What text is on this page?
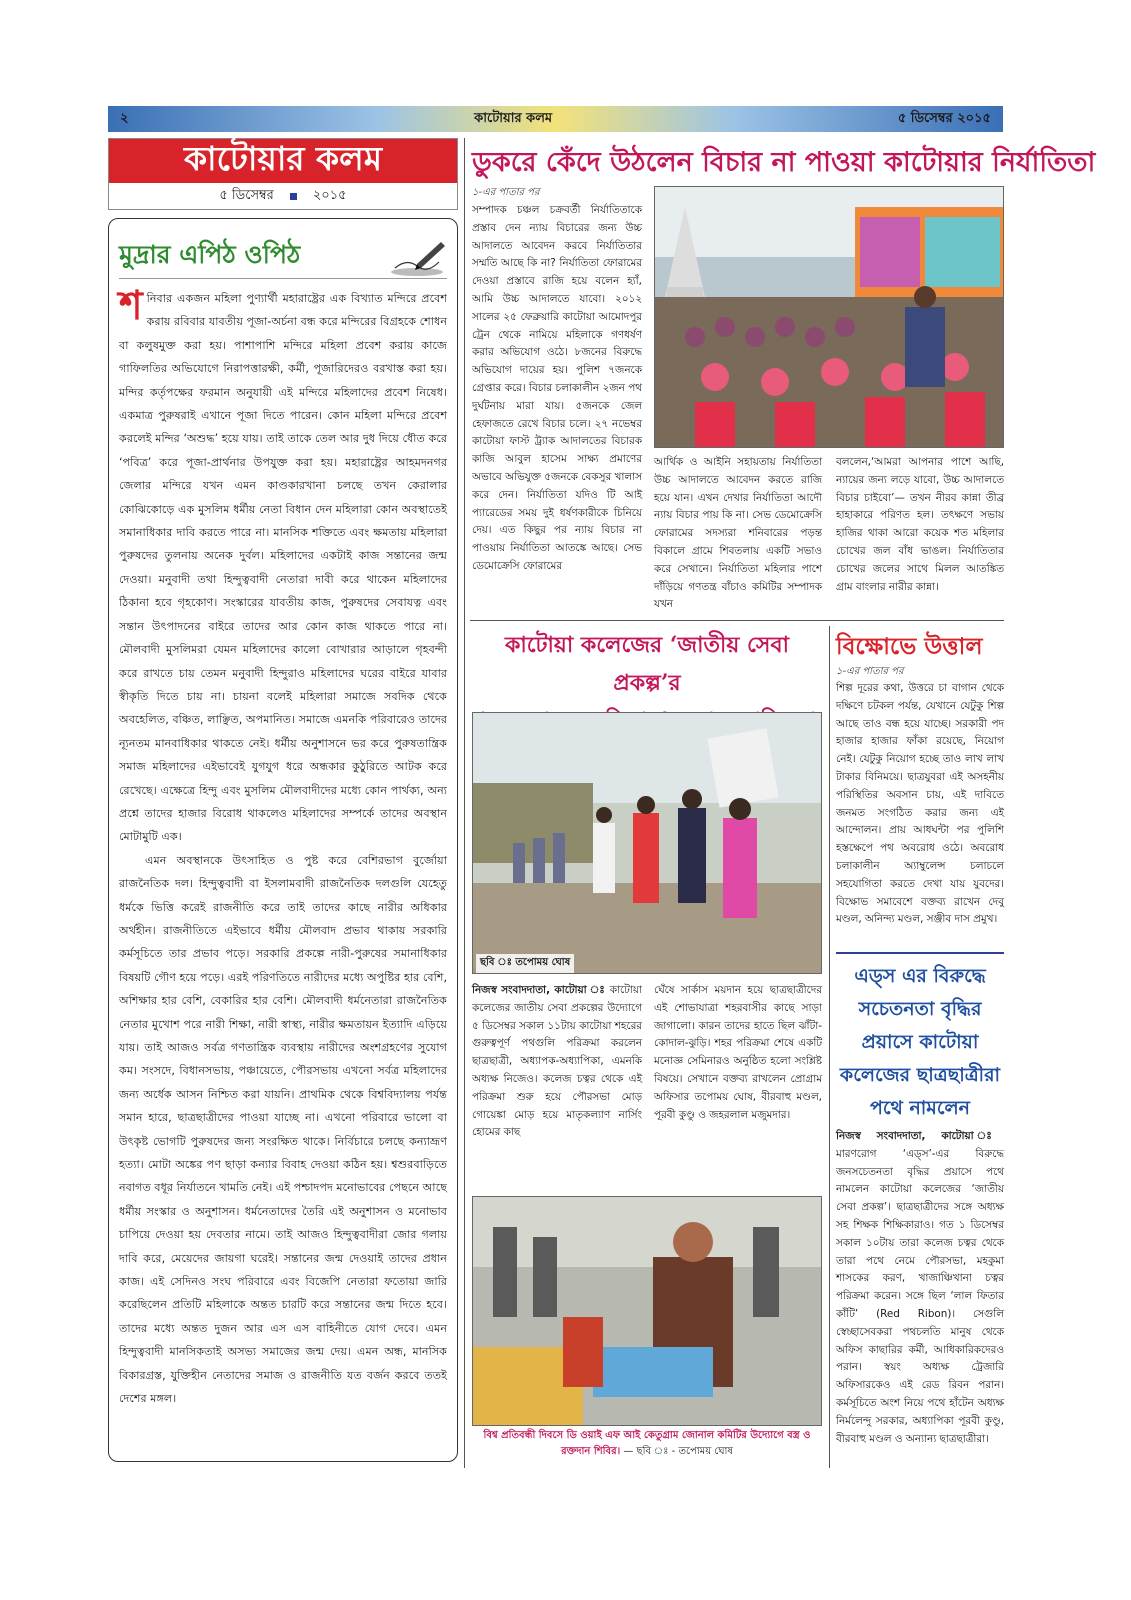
২	কাটোয়ার কলম	৫ ডিসেম্বর ২০১৫
কাটোয়ার কলম
৫ ডিসেম্বর	২০১৫
মুদ্রার এপিঠ ওপিঠ

শনিবার একজন মহিলা পুণ্যার্থী মহারাষ্ট্রের এক বিখ্যাত মন্দিরে প্রবেশ করায় রবিবার যাবতীয় পূজা-অর্চনা বন্ধ করে মন্দিরের বিগ্রহকে শোধন বা কলুষমুক্ত করা হয়। পাশাপাশি মন্দিরে মহিলা প্রবেশ করায় কাজে গাফিলতির অভিযোগে নিরাপত্তারক্ষী, কর্মী, পূজারিদেরও বরখাস্ত করা হয়। মন্দির কর্তৃপক্ষের ফরমান অনুযায়ী এই মন্দিরে মহিলাদের প্রবেশ নিষেধ। একমাত্র পুরুষরাই এখানে পূজা দিতে পারেন। কোন মহিলা মন্দিরে প্রবেশ করলেই মন্দির ‘অশুদ্ধ’ হয়ে যায়। তাই তাকে তেল আর দুধ দিয়ে ধৌত করে ‘পবিত্র’ করে পূজা-প্রার্থনার উপযুক্ত করা হয়। মহারাষ্ট্রের আহমদনগর জেলার মন্দিরে যখন এমন কাণ্ডকারখানা চলছে তখন কেরালার কোঝিকোড়ে এক মুসলিম ধর্মীয় নেতা বিধান দেন মহিলারা কোন অবস্থাতেই সমানাধিকার দাবি করতে পারে না। মানসিক শক্তিতে এবং ক্ষমতায় মহিলারা পুরুষদের তুলনায় অনেক দুর্বল। মহিলাদের একটাই কাজ সন্তানের জন্ম দেওয়া। মনুবাদী তথা হিন্দুত্ববাদী নেতারা দাবী করে থাকেন মহিলাদের ঠিকানা হবে গৃহকোণ। সংস্কারের যাবতীয় কাজ, পুরুষদের সেবাযত্ন এবং সন্তান উৎপাদনের বাইরে তাদের আর কোন কাজ থাকতে পারে না। মৌলবাদী মুসলিমরা যেমন মহিলাদের কালো বোখারার আড়ালে গৃহবন্দী করে রাখতে চায় তেমন মনুবাদী হিন্দুরাও মহিলাদের ঘরের বাইরে যাবার স্বীকৃতি দিতে চায় না। চায়না বলেই মহিলারা সমাজে সবদিক থেকে অবহেলিত, বঞ্চিত, লাঞ্ছিত, অপমানিত। সমাজে এমনকি পরিবারেও তাদের ন্যূনতম মানবাধিকার থাকতে নেই। ধর্মীয় অনুশাসনে ভর করে পুরুষতান্ত্রিক সমাজ মহিলাদের এইভাবেই যুগযুগ ধরে অন্ধকার কুঠুরিতে আটক করে রেখেছে। এক্ষেত্রে হিন্দু এবং মুসলিম মৌলবাদীদের মধ্যে কোন পার্থক্য, অন্য প্রশ্নে তাদের হাজার বিরোধ থাকলেও মহিলাদের সম্পর্কে তাদের অবস্থান মোটামুটি এক।

এমন অবস্থানকে উৎসাহিত ও পুষ্ট করে বেশিরভাগ বুর্জোয়া রাজনৈতিক দল। হিন্দুত্ববাদী বা ইসলামবাদী রাজনৈতিক দলগুলি যেহেতু ধর্মকে ভিত্তি করেই রাজনীতি করে তাই তাদের কাছে নারীর অধিকার অর্থহীন। রাজনীতিতে এইভাবে ধর্মীয় মৌলবাদ প্রভাব থাকায় সরকারি কর্মসূচিতে তার প্রভাব পড়ে। সরকারি প্রকল্পে নারী-পুরুষের সমানাধিকার বিষয়টি গৌণ হয়ে পড়ে। এরই পরিণতিতে নারীদের মধ্যে অপুষ্টির হার বেশি, অশিক্ষার হার বেশি, বেকারির হার বেশি। মৌলবাদী ধর্মনেতারা রাজনৈতিক নেতার মুখোশ পরে নারী শিক্ষা, নারী স্বাস্থ্য, নারীর ক্ষমতায়ন ইত্যাদি এড়িয়ে যায়। তাই আজও সর্বত্র গণতান্ত্রিক ব্যবস্থায় নারীদের অংশগ্রহণের সুযোগ কম। সংসদে, বিধানসভায়, পঞ্চায়েতে, পৌরসভায় এখনো সর্বত্র মহিলাদের জন্য অর্ধেক আসন নিশ্চিত করা যায়নি। প্রাথমিক থেকে বিশ্ববিদ্যালয় পর্যন্ত সমান হারে, ছাত্রছাত্রীদের পাওয়া যাচ্ছে না। এখনো পরিবারে ভালো বা উৎকৃষ্ট ভোগটি পুরুষদের জন্য সংরক্ষিত থাকে। নির্বিচারে চলছে কন্যাভ্রূণ হত্যা। মোটা অঙ্কের পণ ছাড়া কন্যার বিবাহ দেওয়া কঠিন হয়। শ্বশুরবাড়িতে নবাগত বধূর নির্যাতনে খামতি নেই। এই পশ্চাদপদ মনোভাবের পেছনে আছে ধর্মীয় সংস্কার ও অনুশাসন। ধর্মনেতাদের তৈরি এই অনুশাসন ও মনোভাব চাপিয়ে দেওয়া হয় দেবতার নামে। তাই আজও হিন্দুত্ববাদীরা জোর গলায় দাবি করে, মেয়েদের জায়গা ঘরেই। সন্তানের জন্ম দেওয়াই তাদের প্রধান কাজ। এই সেদিনও সংঘ পরিবারে এবং বিজেপি নেতারা ফতোয়া জারি করেছিলেন প্রতিটি মহিলাকে অন্তত চারটি করে সন্তানের জন্ম দিতে হবে। তাদের মধ্যে অন্তত দুজন আর এস এস বাহিনীতে যোগ দেবে। এমন হিন্দুত্ববাদী মানসিকতাই অসভ্য সমাজের জন্ম দেয়। এমন অন্ধ, মানসিক বিকারগ্রস্ত, যুক্তিহীন নেতাদের সমাজ ও রাজনীতি যত বর্জন করবে ততই দেশের মঙ্গল।

ডুকরে কেঁদে উঠলেন বিচার না পাওয়া কাটোয়ার নির্যাতিতা
১-এর পাতার পর
সম্পাদক চঞ্চল চক্রবর্তী নির্যাতিতাকে প্রস্তাব দেন ন্যায় বিচারের জন্য উচ্চ আদালতে আবেদন করবে নির্যাতিতার সম্মতি আছে কি না? নির্যাতিতা ফোরামের দেওয়া প্রস্তাবে রাজি হয়ে বলেন হ্যাঁ, আমি উচ্চ আদালতে যাবো। ২০১২ সালের ২৫ ফেব্রুয়ারি কাটোয়া আমোদপুর ট্রেন থেকে নামিয়ে মহিলাকে গণধর্ষণ করার অভিযোগ ওঠে। ৮জনের বিরুদ্ধে অভিযোগ দায়ের হয়। পুলিশ ৭জনকে গ্রেপ্তার করে। বিচার চলাকালীন ২জন পথ দুর্ঘটনায় মারা যায়। ৫জনকে জেল হেফাজতে রেখে বিচার চলে। ২৭ নভেম্বর কাটোয়া ফাস্ট ট্র্যাক আদালতের বিচারক কাজি আবুল হাসেম সাক্ষ্য প্রমাণের অভাবে অভিযুক্ত ৫জনকে বেকসুর খালাস করে দেন। নির্যাতিতা যদিও টি আই প্যারেডের সময় দুই ধর্ষণকারীকে চিনিয়ে দেয়। এত কিছুর পর ন্যায় বিচার না পাওয়ায় নির্যাতিতা আতঙ্কে আছে। সেভ ডেমোক্রেসি ফোরামের
আর্থিক ও আইনি সহায়তায় নির্যাতিতা উচ্চ আদালতে আবেদন করতে রাজি হয়ে যান। এখন দেখার নির্যাতিতা আদৌ ন্যায় বিচার পায় কি না। সেভ ডেমোক্রেসি ফোরামের সদস্যরা শনিবারের পড়ন্ত বিকালে গ্রামে শিবতলায় একটি সভাও করে সেখানে। নির্যাতিতা মহিলার পাশে দাঁড়িয়ে গণতন্ত্র বাঁচাও কমিটির সম্পাদক যখন
বললেন,‘আমরা আপনার পাশে আছি, ন্যায়ের জন্য লড়ে যাবো, উচ্চ আদালতে বিচার চাইবো’— তখন নীরব কান্না তীব্র হাহাকারে পরিণত হল। তৎক্ষণে সভায় হাজির থাকা আরো কয়েক শত মহিলার চোখের জল বাঁধ ভাঙল। নির্যাতিতার চোখের জলের সাথে মিলল আতঙ্কিত গ্রাম বাংলার নারীর কান্না।
কাটোয়া কলেজের ‘জাতীয় সেবা প্রকল্প’র
ছবি ঃ তপোময় ঘোষ
নিজস্ব সংবাদদাতা, কাটোয়া ঃ কাটোয়া কলেজের জাতীয় সেবা প্রকল্পের উদ্যোগে ৫ ডিসেম্বর সকাল ১১টায় কাটোয়া শহরের গুরুত্বপূর্ণ পথগুলি পরিক্রমা করলেন ছাত্রছাত্রী, অধ্যাপক-অধ্যাপিকা, এমনকি অধ্যক্ষ নিজেও। কলেজ চত্বর থেকে এই পরিক্রমা শুরু হয়ে পৌরসভা মোড় গোয়েঙ্কা মোড় হয়ে মাতৃকল্যাণ নার্সিং হোমের কাছ
ঘেঁষে সার্কাস ময়দান হয়ে ছাত্রছাত্রীদের এই শোভাযাত্রা শহরবাসীর কাছে সাড়া জাগালো। কারন তাদের হাতে ছিল ঝাঁটা-কোদাল-ঝুড়ি। শহর পরিক্রমা শেষে একটি মনোজ্ঞ সেমিনারও অনুষ্ঠিত হলো সংশ্লিষ্ট বিষয়ে। সেখানে বক্তব্য রাখলেন প্রোগ্রাম অফিসার তপোময় ঘোষ, বীরবাহু মণ্ডল, পূরবী কুণ্ডু ও জহরলাল মজুমদার।
বিশ্ব প্রতিবন্ধী দিবসে ডি ওয়াই এফ আই কেতুগ্রাম জোনাল কমিটির উদ্যোগে বস্ত্র ও রক্তদান শিবির। — ছবি ঃ - তপোময় ঘোষ
বিক্ষোভে উত্তাল
১-এর পাতার পর
শিল্প দূরের কথা, উত্তরে চা বাগান থেকে দক্ষিণে চটকল পর্যন্ত, যেখানে যেটুকু শিল্প আছে তাও বন্ধ হয়ে যাচ্ছে। সরকারী পদ হাজার হাজার ফাঁকা রয়েছে, নিয়োগ নেই। যেটুকু নিয়োগ হচ্ছে তাও লাখ লাখ টাকার বিনিময়ে। ছাত্রযুবরা এই অসহনীয় পরিস্থিতির অবসান চায়, এই দাবিতে জনমত সংগঠিত করার জন্য এই আন্দোলন। প্রায় আধঘন্টা পর পুলিশি হস্তক্ষেপে পথ অবরোধ ওঠে। অবরোধ চলাকালীন অ্যাম্বুলেন্স চলাচলে সহযোগিতা করতে দেখা যায় যুবদের। বিক্ষোভ সমাবেশে বক্তব্য রাখেন দেবু মণ্ডল, অনিন্দ্য মণ্ডল, সঞ্জীব দাস প্রমুখ।
এড্‌স এর বিরুদ্ধে
সচেতনতা বৃদ্ধির
প্রয়াসে কাটোয়া
কলেজের ছাত্রছাত্রীরা
পথে নামলেন
নিজস্ব সংবাদদাতা, কাটোয়া ঃ মারণরোগ ‘এড্‌স’-এর বিরুদ্ধে জনসচেতনতা বৃদ্ধির প্রয়াসে পথে নামলেন কাটোয়া কলেজের ‘জাতীয় সেবা প্রকল্প’। ছাত্রছাত্রীদের সঙ্গে অধ্যক্ষ সহ শিক্ষক শিক্ষিকারাও। গত ১ ডিসেম্বর সকাল ১০টায় তারা কলেজ চত্বর থেকে তারা পথে নেমে পৌরসভা, মহকুমা শাসকের করণ, খাজাঞ্চিখানা চত্বর পরিক্রমা করেন। সঙ্গে ছিল ‘লাল ফিতার কাঁটি’ (Red Ribon)। সেগুলি স্বেচ্ছাসেবকরা পথচলতি মানুষ থেকে অফিস কাছারির কর্মী, আধিকারিকদেরও পরান। স্বয়ং অধ্যক্ষ ট্রেজারি অফিসারকেও এই রেড রিবন পরান। কর্মসূচিতে অংশ নিয়ে পথে হাঁটেন অধ্যক্ষ নির্মলেন্দু সরকার, অধ্যাপিকা পূরবী কুণ্ডু, বীরবাহু মণ্ডল ও অন্যান্য ছাত্রছাত্রীরা।
